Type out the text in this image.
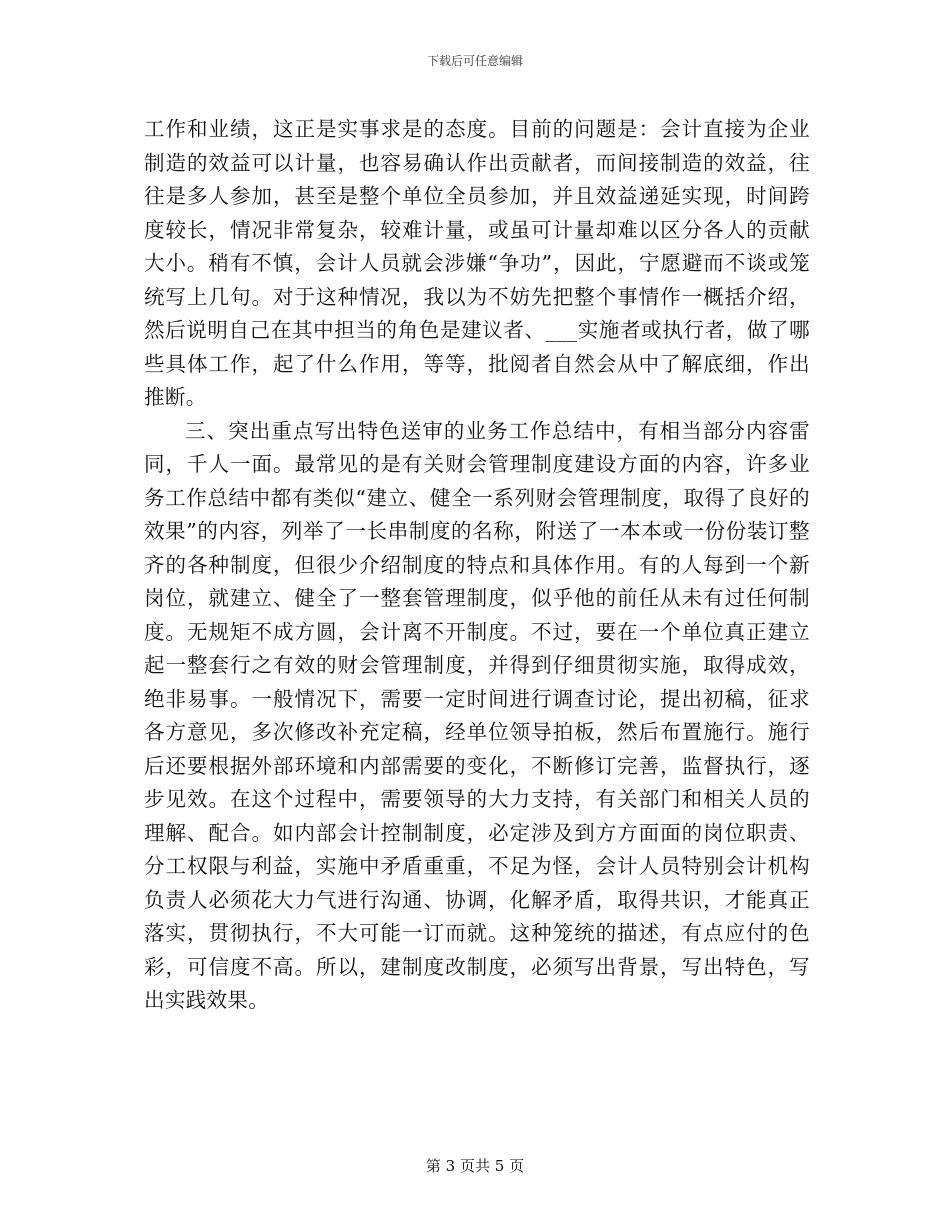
下载后可任意编辑

工作和业绩，这正是实事求是的态度。目前的问题是：会计直接为企业制造的效益可以计量，也容易确认作出贡献者，而间接制造的效益，往往是多人参加，甚至是整个单位全员参加，并且效益递延实现，时间跨度较长，情况非常复杂，较难计量，或虽可计量却难以区分各人的贡献大小。稍有不慎，会计人员就会涉嫌“争功”，因此，宁愿避而不谈或笼统写上几句。对于这种情况，我以为不妨先把整个事情作一概括介绍，然后说明自己在其中担当的角色是建议者、___实施者或执行者，做了哪些具体工作，起了什么作用，等等，批阅者自然会从中了解底细，作出推断。

三、突出重点写出特色送审的业务工作总结中，有相当部分内容雷同，千人一面。最常见的是有关财会管理制度建设方面的内容，许多业务工作总结中都有类似“建立、健全一系列财会管理制度，取得了良好的效果”的内容，列举了一长串制度的名称，附送了一本本或一份份装订整齐的各种制度，但很少介绍制度的特点和具体作用。有的人每到一个新岗位，就建立、健全了一整套管理制度，似乎他的前任从未有过任何制度。无规矩不成方圆，会计离不开制度。不过，要在一个单位真正建立起一整套行之有效的财会管理制度，并得到仔细贯彻实施，取得成效，绝非易事。一般情况下，需要一定时间进行调查讨论，提出初稿，征求各方意见，多次修改补充定稿，经单位领导拍板，然后布置施行。施行后还要根据外部环境和内部需要的变化，不断修订完善，监督执行，逐步见效。在这个过程中，需要领导的大力支持，有关部门和相关人员的理解、配合。如内部会计控制制度，必定涉及到方方面面的岗位职责、分工权限与利益，实施中矛盾重重，不足为怪，会计人员特别会计机构负责人必须花大力气进行沟通、协调，化解矛盾，取得共识，才能真正落实，贯彻执行，不大可能一订而就。这种笼统的描述，有点应付的色彩，可信度不高。所以，建制度改制度，必须写出背景，写出特色，写出实践效果。

第 3 页共 5 页
